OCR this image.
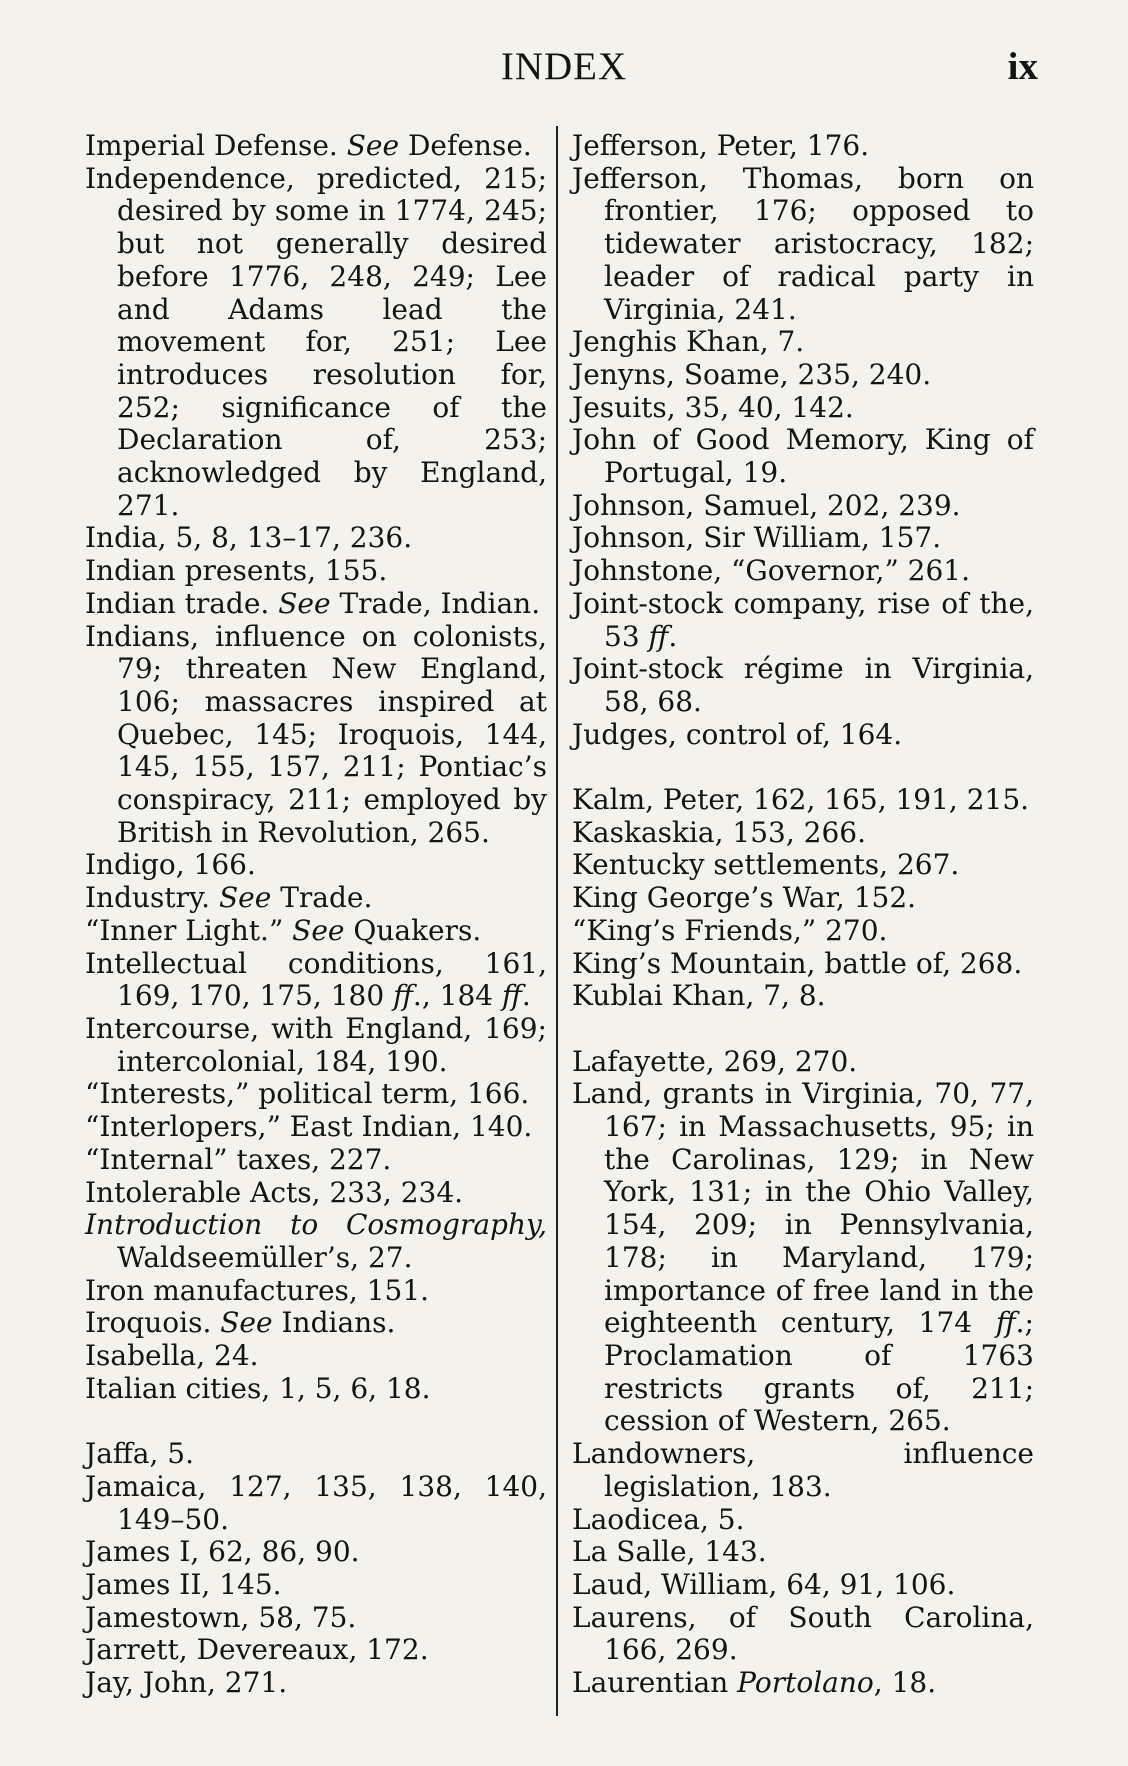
INDEX	ix
Imperial Defense. See Defense.
Independence, predicted, 215; desired by some in 1774, 245; but not generally desired before 1776, 248, 249; Lee and Adams lead the movement for, 251; Lee introduces resolution for, 252; significance of the Declaration of, 253; acknowledged by England, 271.
India, 5, 8, 13–17, 236.
Indian presents, 155.
Indian trade. See Trade, Indian.
Indians, influence on colonists, 79; threaten New England, 106; massacres inspired at Quebec, 145; Iroquois, 144, 145, 155, 157, 211; Pontiac’s conspiracy, 211; employed by British in Revolution, 265.
Indigo, 166.
Industry. See Trade.
“Inner Light.” See Quakers.
Intellectual conditions, 161, 169, 170, 175, 180 ff., 184 ff.
Intercourse, with England, 169; intercolonial, 184, 190.
“Interests,” political term, 166.
“Interlopers,” East Indian, 140.
“Internal” taxes, 227.
Intolerable Acts, 233, 234.
Introduction to Cosmography, Waldseemüller’s, 27.
Iron manufactures, 151.
Iroquois. See Indians.
Isabella, 24.
Italian cities, 1, 5, 6, 18.
Jaffa, 5.
Jamaica, 127, 135, 138, 140, 149–50.
James I, 62, 86, 90.
James II, 145.
Jamestown, 58, 75.
Jarrett, Devereaux, 172.
Jay, John, 271.
Jefferson, Peter, 176.
Jefferson, Thomas, born on frontier, 176; opposed to tidewater aristocracy, 182; leader of radical party in Virginia, 241.
Jenghis Khan, 7.
Jenyns, Soame, 235, 240.
Jesuits, 35, 40, 142.
John of Good Memory, King of Portugal, 19.
Johnson, Samuel, 202, 239.
Johnson, Sir William, 157.
Johnstone, “Governor,” 261.
Joint-stock company, rise of the, 53 ff.
Joint-stock régime in Virginia, 58, 68.
Judges, control of, 164.
Kalm, Peter, 162, 165, 191, 215.
Kaskaskia, 153, 266.
Kentucky settlements, 267.
King George’s War, 152.
“King’s Friends,” 270.
King’s Mountain, battle of, 268.
Kublai Khan, 7, 8.
Lafayette, 269, 270.
Land, grants in Virginia, 70, 77, 167; in Massachusetts, 95; in the Carolinas, 129; in New York, 131; in the Ohio Valley, 154, 209; in Pennsylvania, 178; in Maryland, 179; importance of free land in the eighteenth century, 174 ff.; Proclamation of 1763 restricts grants of, 211; cession of Western, 265.
Landowners, influence legislation, 183.
Laodicea, 5.
La Salle, 143.
Laud, William, 64, 91, 106.
Laurens, of South Carolina, 166, 269.
Laurentian Portolano, 18.
